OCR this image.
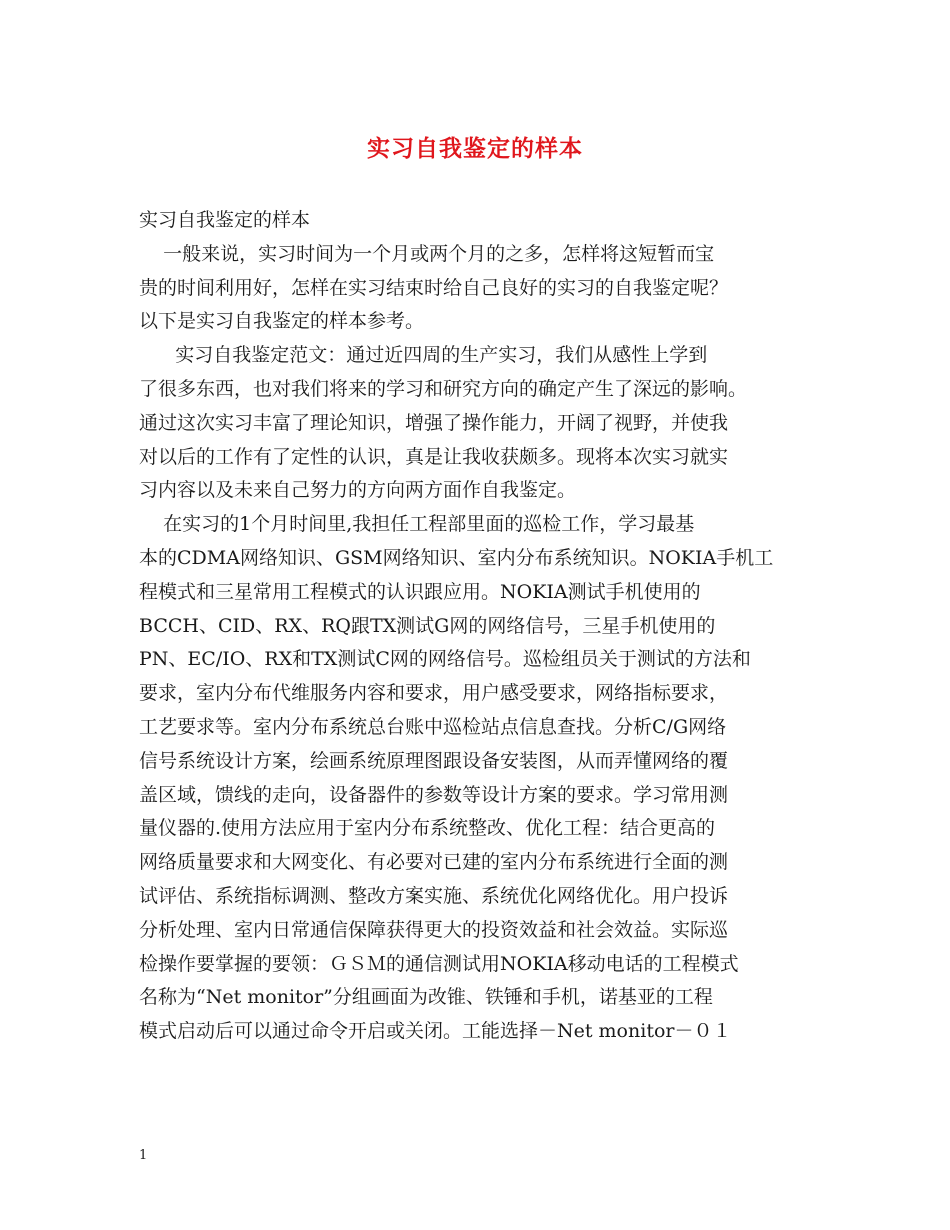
实习自我鉴定的样本

实习自我鉴定的样本

一般来说，实习时间为一个月或两个月的之多，怎样将这短暂而宝

贵的时间利用好，怎样在实习结束时给自己良好的实习的自我鉴定呢？

以下是实习自我鉴定的样本参考。

实习自我鉴定范文：通过近四周的生产实习，我们从感性上学到

了很多东西，也对我们将来的学习和研究方向的确定产生了深远的影响。

通过这次实习丰富了理论知识，增强了操作能力，开阔了视野，并使我

对以后的工作有了定性的认识，真是让我收获颇多。现将本次实习就实

习内容以及未来自己努力的方向两方面作自我鉴定。

在实习的1个月时间里,我担任工程部里面的巡检工作，学习最基

本的CDMA网络知识、GSM网络知识、室内分布系统知识。NOKIA手机工

程模式和三星常用工程模式的认识跟应用。NOKIA测试手机使用的

BCCH、CID、RX、RQ跟TX测试G网的网络信号，三星手机使用的

PN、EC/IO、RX和TX测试C网的网络信号。巡检组员关于测试的方法和

要求，室内分布代维服务内容和要求，用户感受要求，网络指标要求，

工艺要求等。室内分布系统总台账中巡检站点信息查找。分析C/G网络

信号系统设计方案，绘画系统原理图跟设备安装图，从而弄懂网络的覆

盖区域，馈线的走向，设备器件的参数等设计方案的要求。学习常用测

量仪器的.使用方法应用于室内分布系统整改、优化工程：结合更高的

网络质量要求和大网变化、有必要对已建的室内分布系统进行全面的测

试评估、系统指标调测、整改方案实施、系统优化网络优化。用户投诉

分析处理、室内日常通信保障获得更大的投资效益和社会效益。实际巡

检操作要掌握的要领：ＧＳＭ的通信测试用NOKIA移动电话的工程模式

名称为“Net monitor”分组画面为改锥、铁锤和手机，诺基亚的工程

模式启动后可以通过命令开启或关闭。工能选择－Net monitor－０１

1
